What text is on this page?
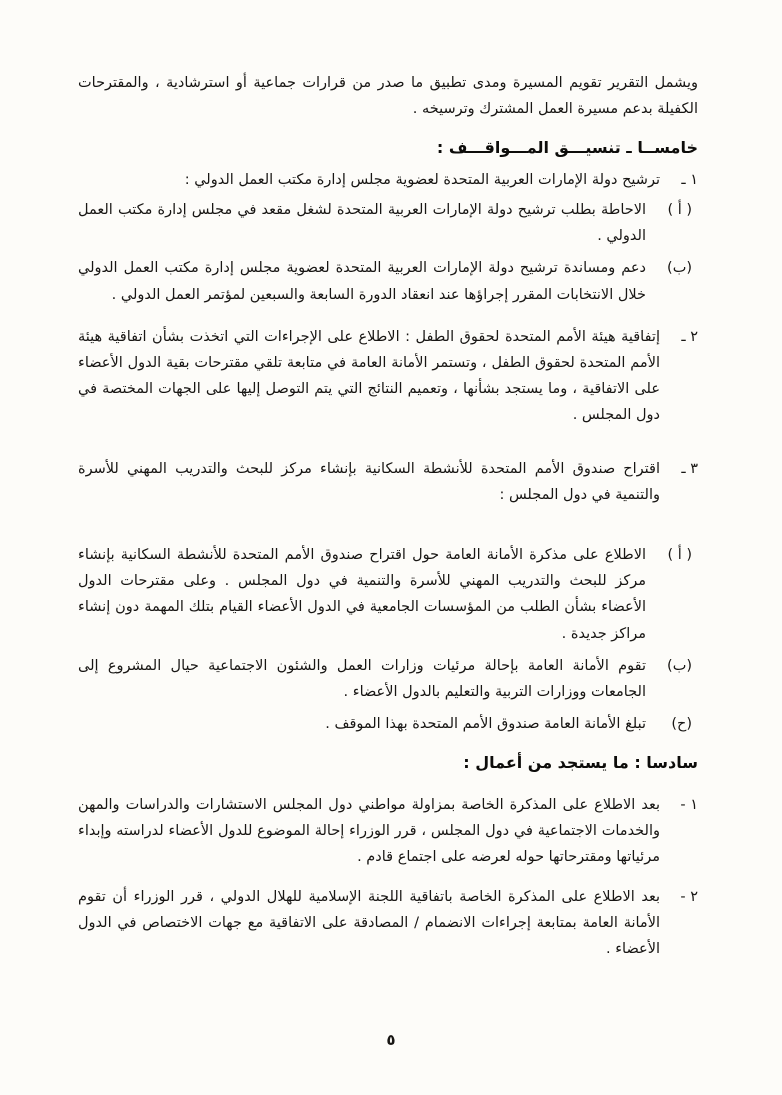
ويشمل التقرير تقويم المسيرة ومدى تطبيق ما صدر من قرارات جماعية أو استرشادية ، والمقترحات الكفيلة بدعم مسيرة العمل المشترك وترسيخه .
خامســا ـ تنسيـــق المـــواقـــف :
١ ـ
ترشيح دولة الإمارات العربية المتحدة لعضوية مجلس إدارة مكتب العمل الدولي :
( أ )
الاحاطة بطلب ترشيح دولة الإمارات العربية المتحدة لشغل مقعد في مجلس إدارة مكتب العمل الدولي .
(ب)
دعم ومساندة ترشيح دولة الإمارات العربية المتحدة لعضوية مجلس إدارة مكتب العمل الدولي خلال الانتخابات المقرر إجراؤها عند انعقاد الدورة السابعة والسبعين لمؤتمر العمل الدولي .
٢ ـ
إتفاقية هيئة الأمم المتحدة لحقوق الطفل : الاطلاع على الإجراءات التي اتخذت بشأن اتفاقية هيئة الأمم المتحدة لحقوق الطفل ، وتستمر الأمانة العامة في متابعة تلقي مقترحات بقية الدول الأعضاء على الاتفاقية ، وما يستجد بشأنها ، وتعميم النتائج التي يتم التوصل إليها على الجهات المختصة في دول المجلس .
٣ ـ
اقتراح صندوق الأمم المتحدة للأنشطة السكانية بإنشاء مركز للبحث والتدريب المهني للأسرة والتنمية في دول المجلس :
( أ )
الاطلاع على مذكرة الأمانة العامة حول اقتراح صندوق الأمم المتحدة للأنشطة السكانية بإنشاء مركز للبحث والتدريب المهني للأسرة والتنمية في دول المجلس . وعلى مقترحات الدول الأعضاء بشأن الطلب من المؤسسات الجامعية في الدول الأعضاء القيام بتلك المهمة دون إنشاء مراكز جديدة .
(ب)
تقوم الأمانة العامة بإحالة مرئيات وزارات العمل والشئون الاجتماعية حيال المشروع إلى الجامعات ووزارات التربية والتعليم بالدول الأعضاء .
(ح)
تبلغ الأمانة العامة صندوق الأمم المتحدة بهذا الموقف .
سادسا : ما يستجد من أعمال :
١ -
بعد الاطلاع على المذكرة الخاصة بمزاولة مواطني دول المجلس الاستشارات والدراسات والمهن والخدمات الاجتماعية في دول المجلس ، قرر الوزراء إحالة الموضوع للدول الأعضاء لدراسته وإبداء مرئياتها ومقترحاتها حوله لعرضه على اجتماع قادم .
٢ -
بعد الاطلاع على المذكرة الخاصة باتفاقية اللجنة الإسلامية للهلال الدولي ، قرر الوزراء أن تقوم الأمانة العامة بمتابعة إجراءات الانضمام / المصادقة على الاتفاقية مع جهات الاختصاص في الدول الأعضاء .
٥
